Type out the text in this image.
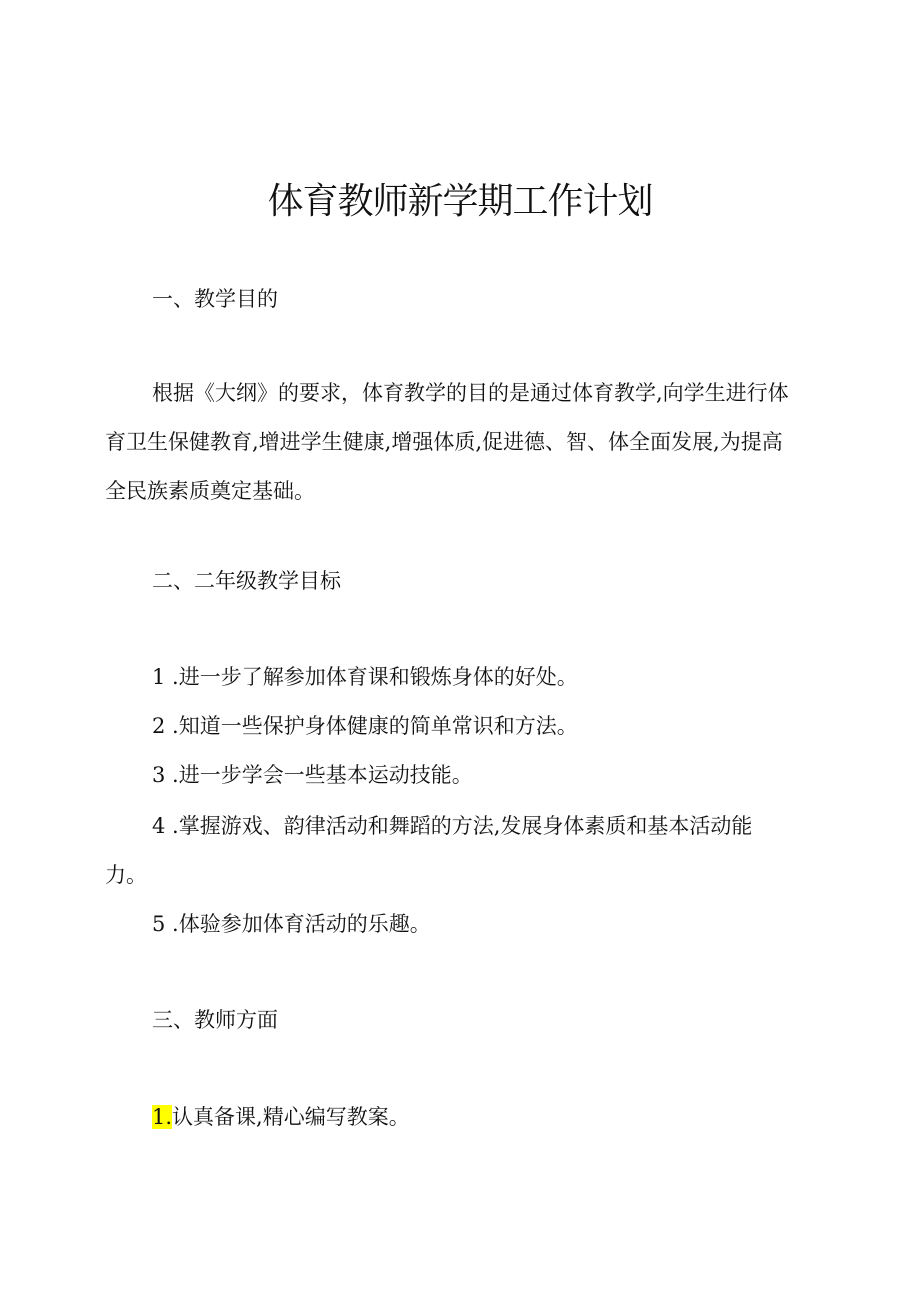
体育教师新学期工作计划

一、教学目的

根据《大纲》的要求，体育教学的目的是通过体育教学,向学生进行体

育卫生保健教育,增进学生健康,增强体质,促进德、智、体全面发展,为提高

全民族素质奠定基础。

二、二年级教学目标

1 .进一步了解参加体育课和锻炼身体的好处。

2 .知道一些保护身体健康的简单常识和方法。

3 .进一步学会一些基本运动技能。

4 .掌握游戏、韵律活动和舞蹈的方法,发展身体素质和基本活动能

力。

5 .体验参加体育活动的乐趣。

三、教师方面

1.认真备课,精心编写教案。
